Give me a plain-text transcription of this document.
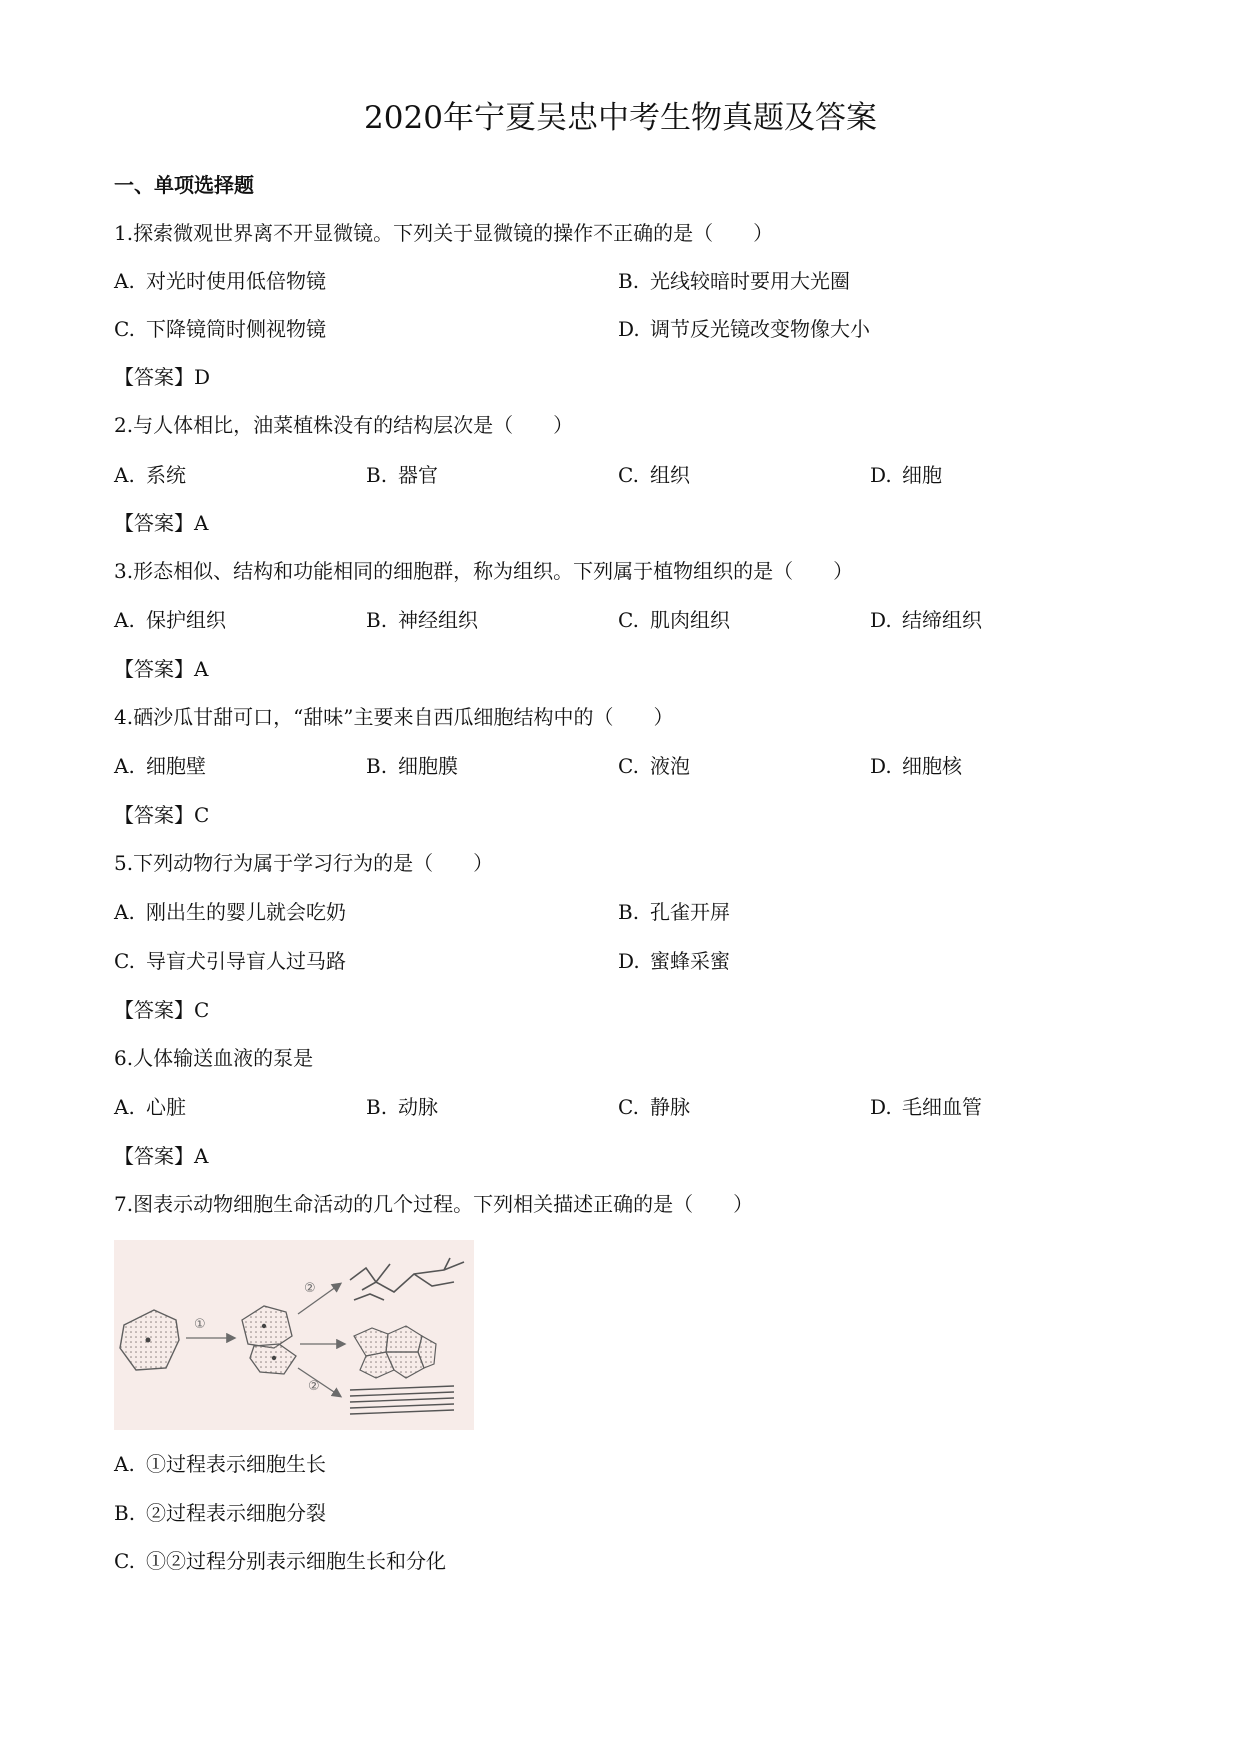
2020年宁夏吴忠中考生物真题及答案
一、单项选择题
1.探索微观世界离不开显微镜。下列关于显微镜的操作不正确的是（　　）
A. 对光时使用低倍物镜	B. 光线较暗时要用大光圈
C. 下降镜筒时侧视物镜	D. 调节反光镜改变物像大小
【答案】D
2.与人体相比，油菜植株没有的结构层次是（　　）
A. 系统	B. 器官	C. 组织	D. 细胞
【答案】A
3.形态相似、结构和功能相同的细胞群，称为组织。下列属于植物组织的是（　　）
A. 保护组织	B. 神经组织	C. 肌肉组织	D. 结缔组织
【答案】A
4.硒沙瓜甘甜可口，“甜味”主要来自西瓜细胞结构中的（　　）
A. 细胞壁	B. 细胞膜	C. 液泡	D. 细胞核
【答案】C
5.下列动物行为属于学习行为的是（　　）
A. 刚出生的婴儿就会吃奶	B. 孔雀开屏
C. 导盲犬引导盲人过马路	D. 蜜蜂采蜜
【答案】C
6.人体输送血液的泵是
A. 心脏	B. 动脉	C. 静脉	D. 毛细血管
【答案】A
7.图表示动物细胞生命活动的几个过程。下列相关描述正确的是（　　）
①
②
②
A. ①过程表示细胞生长
B. ②过程表示细胞分裂
C. ①②过程分别表示细胞生长和分化
